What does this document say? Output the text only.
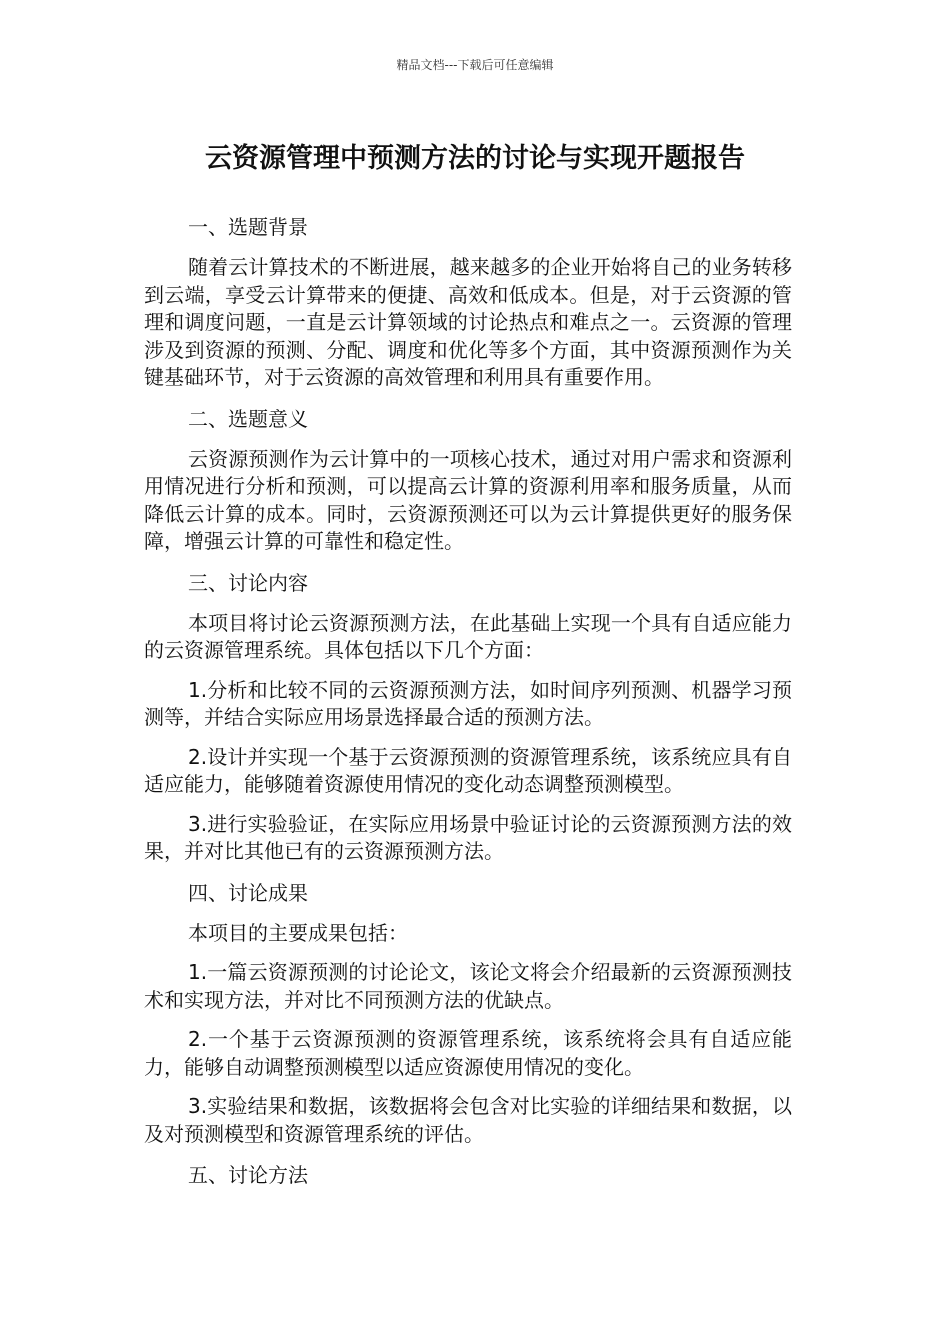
精品文档---下载后可任意编辑
云资源管理中预测方法的讨论与实现开题报告

一、选题背景

随着云计算技术的不断进展，越来越多的企业开始将自己的业务转移到云端，享受云计算带来的便捷、高效和低成本。但是，对于云资源的管理和调度问题，一直是云计算领域的讨论热点和难点之一。云资源的管理涉及到资源的预测、分配、调度和优化等多个方面，其中资源预测作为关键基础环节，对于云资源的高效管理和利用具有重要作用。

二、选题意义

云资源预测作为云计算中的一项核心技术，通过对用户需求和资源利用情况进行分析和预测，可以提高云计算的资源利用率和服务质量，从而降低云计算的成本。同时，云资源预测还可以为云计算提供更好的服务保障，增强云计算的可靠性和稳定性。

三、讨论内容

本项目将讨论云资源预测方法，在此基础上实现一个具有自适应能力的云资源管理系统。具体包括以下几个方面：

1.分析和比较不同的云资源预测方法，如时间序列预测、机器学习预测等，并结合实际应用场景选择最合适的预测方法。

2.设计并实现一个基于云资源预测的资源管理系统，该系统应具有自适应能力，能够随着资源使用情况的变化动态调整预测模型。

3.进行实验验证，在实际应用场景中验证讨论的云资源预测方法的效果，并对比其他已有的云资源预测方法。

四、讨论成果

本项目的主要成果包括：

1.一篇云资源预测的讨论论文，该论文将会介绍最新的云资源预测技术和实现方法，并对比不同预测方法的优缺点。

2.一个基于云资源预测的资源管理系统，该系统将会具有自适应能力，能够自动调整预测模型以适应资源使用情况的变化。

3.实验结果和数据，该数据将会包含对比实验的详细结果和数据，以及对预测模型和资源管理系统的评估。

五、讨论方法
